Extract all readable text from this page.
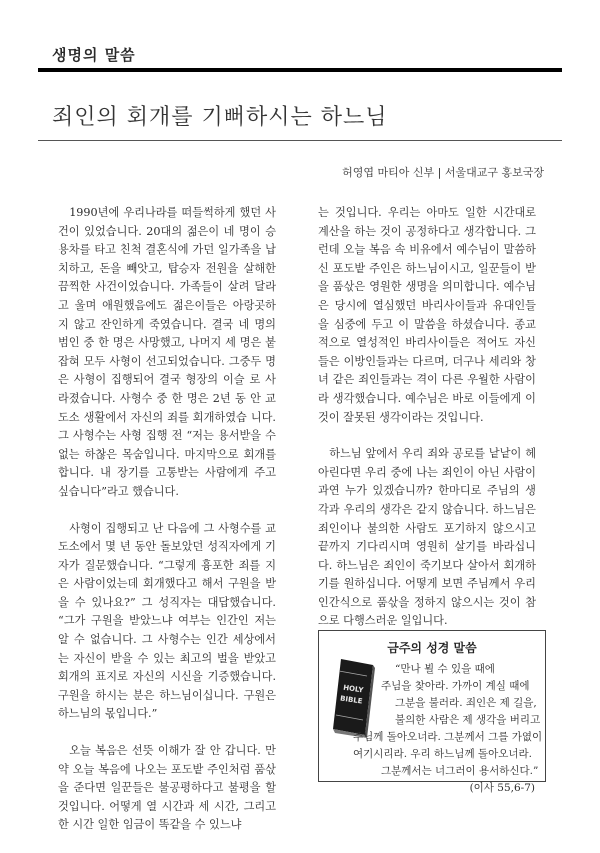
생명의 말씀
죄인의 회개를 기뻐하시는 하느님
허영엽 마티아 신부 | 서울대교구 홍보국장

1990년에 우리나라를 떠들썩하게 했던 사건이 있었습니다. 20대의 젊은이 네 명이 승용차를 타고 친척 결혼식에 가던 일가족을 납치하고, 돈을 빼앗고, 탑승자 전원을 살해한 끔찍한 사건이었습니다. 가족들이 살려 달라고 울며 애원했음에도 젊은이들은 아랑곳하지 않고 잔인하게 죽였습니다. 결국 네 명의 범인 중 한 명은 사망했고, 나머지 세 명은 붙잡혀 모두 사형이 선고되었습니다. 그중두 명은 사형이 집행되어 결국 형장의 이슬 로 사라졌습니다. 사형수 중 한 명은 2년 동 안 교도소 생활에서 자신의 죄를 회개하였습 니다. 그 사형수는 사형 집행 전 “저는 용서받을 수 없는 하찮은 목숨입니다. 마지막으로 회개를 합니다. 내 장기를 고통받는 사람에게 주고 싶습니다”라고 했습니다.

사형이 집행되고 난 다음에 그 사형수를 교도소에서 몇 년 동안 돌보았던 성직자에게 기자가 질문했습니다. “그렇게 흉포한 죄를 지은 사람이었는데 회개했다고 해서 구원을 받을 수 있나요?” 그 성직자는 대답했습니다. “그가 구원을 받았느냐 여부는 인간인 저는 알 수 없습니다. 그 사형수는 인간 세상에서는 자신이 받을 수 있는 최고의 벌을 받았고 회개의 표지로 자신의 시신을 기증했습니다. 구원을 하시는 분은 하느님이십니다. 구원은 하느님의 몫입니다.”

오늘 복음은 선뜻 이해가 잘 안 갑니다. 만약 오늘 복음에 나오는 포도밭 주인처럼 품삯을 준다면 일꾼들은 불공평하다고 불평을 할 것입니다. 어떻게 열 시간과 세 시간, 그리고 한 시간 일한 임금이 똑같을 수 있느냐

는 것입니다. 우리는 아마도 일한 시간대로 계산을 하는 것이 공정하다고 생각합니다. 그런데 오늘 복음 속 비유에서 예수님이 말씀하신 포도밭 주인은 하느님이시고, 일꾼들이 받을 품삯은 영원한 생명을 의미합니다. 예수님은 당시에 열심했던 바리사이들과 유대인들을 심중에 두고 이 말씀을 하셨습니다. 종교적으로 열성적인 바리사이들은 적어도 자신들은 이방인들과는 다르며, 더구나 세리와 창녀 같은 죄인들과는 격이 다른 우월한 사람이라 생각했습니다. 예수님은 바로 이들에게 이것이 잘못된 생각이라는 것입니다.

하느님 앞에서 우리 죄와 공로를 낱낱이 헤아린다면 우리 중에 나는 죄인이 아닌 사람이 과연 누가 있겠습니까? 한마디로 주님의 생각과 우리의 생각은 같지 않습니다. 하느님은 죄인이나 불의한 사람도 포기하지 않으시고 끝까지 기다리시며 영원히 살기를 바라십니다. 하느님은 죄인이 죽기보다 살아서 회개하기를 원하십니다. 어떻게 보면 주님께서 우리 인간식으로 품삯을 정하지 않으시는 것이 참으로 다행스러운 일입니다.

금주의 성경 말씀
HOLY
BIBLE
“만나 뵐 수 있을 때에
주님을 찾아라. 가까이 계실 때에
그분을 불러라. 죄인은 제 길을,
불의한 사람은 제 생각을 버리고
주님께 돌아오너라. 그분께서 그를 가엾이
여기시리라. 우리 하느님께 돌아오너라.
그분께서는 너그러이 용서하신다.”
(이사 55,6-7)
